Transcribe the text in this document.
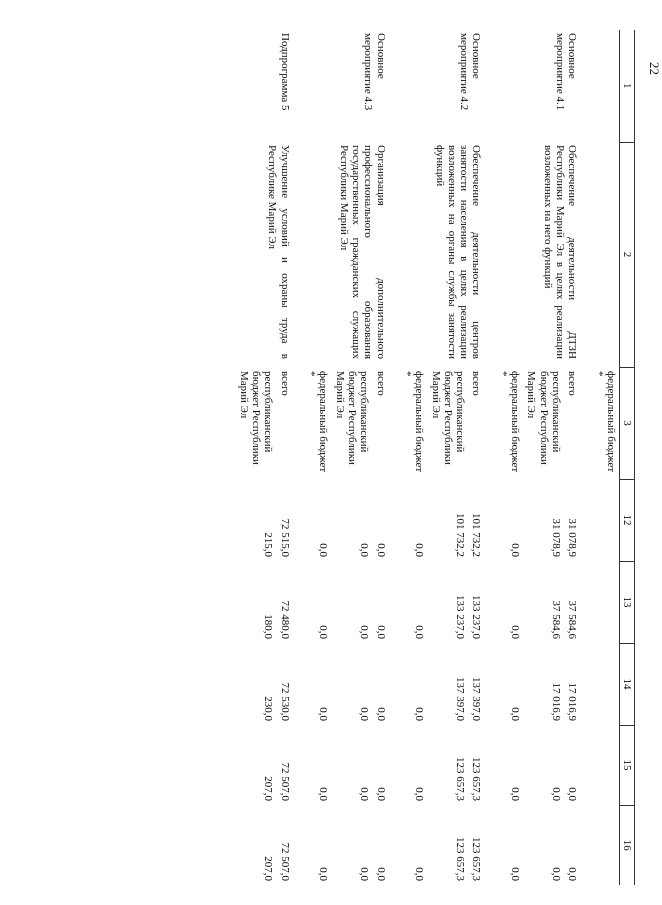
22
1	2	3	12	13	14	15	16
		федеральный бюджет *					
Основное мероприятие 4.1	Обеспечение деятельности ДТЗН Республики Марий Эл в целях реализации возложенных на него функций	всего	31 078,9	37 584,6	17 016,9	0,0	0,0
		республиканский бюджет Республики Марий Эл	31 078,9	37 584,6	17 016,9	0,0	0,0
		федеральный бюджет *	0,0	0,0	0,0	0,0	0,0
Основное мероприятие 4.2	Обеспечение деятельности центров занятости населения в целях реализации возложенных на органы службы занятости функций	всего	101 732,2	133 237,0	137 397,0	123 657,3	123 657,3
		республиканский бюджет Республики Марий Эл	101 732,2	133 237,0	137 397,0	123 657,3	123 657,3
		федеральный бюджет *	0,0	0,0	0,0	0,0	0,0
Основное мероприятие 4.3	Организация дополнительного профессионального образования государственных гражданских служащих Республики Марий Эл	всего	0,0	0,0	0,0	0,0	0,0
		республиканский бюджет Республики Марий Эл	0,0	0,0	0,0	0,0	0,0
		федеральный бюджет *	0,0	0,0	0,0	0,0	0,0
Подпрограмма 5	Улучшение условий и охраны труда в Республике Марий Эл	всего	72 515,0	72 480,0	72 530,0	72 507,0	72 507,0
		республиканский бюджет Республики Марий Эл	215,0	180,0	230,0	207,0	207,0
